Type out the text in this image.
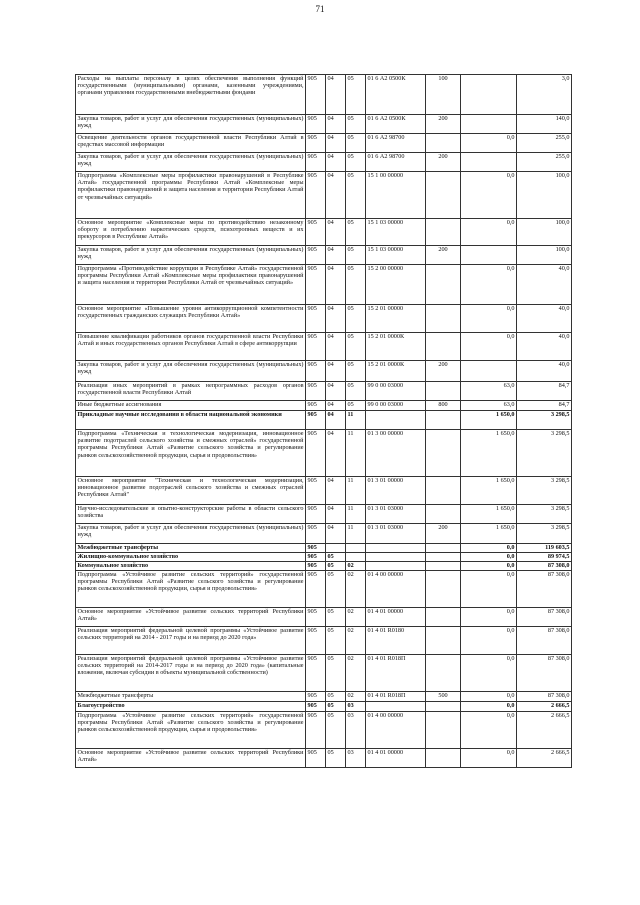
71
Расходы на выплаты персоналу в целях обеспечения выполнения функций государственными (муниципальными) органами, казенными учреждениями, органами управления государственными внебюджетными фондами	905	04	05	01 6 А2 0500К	100		3,0
Закупка товаров, работ и услуг для обеспечения государственных (муниципальных) нужд	905	04	05	01 6 А2 0500К	200		140,0
Освещение деятельности органов государственной власти Республики Алтай в средствах массовой информации	905	04	05	01 6 А2 98700		0,0	255,0
Закупка товаров, работ и услуг для обеспечения государственных (муниципальных) нужд	905	04	05	01 6 А2 98700	200		255,0
Подпрограмма «Комплексные меры профилактики правонарушений в Республике Алтай» государственной программы Республики Алтай «Комплексные меры профилактики правонарушений и защита населения и территории Республики Алтай от чрезвычайных ситуаций»	905	04	05	15 1 00 00000		0,0	100,0
Основное мероприятие «Комплексные меры по противодействию незаконному обороту и потреблению наркотических средств, психотропных веществ и их прекурсоров в Республике Алтай»	905	04	05	15 1 03 00000		0,0	100,0
Закупка товаров, работ и услуг для обеспечения государственных (муниципальных) нужд	905	04	05	15 1 03 00000	200		100,0
Подпрограмма «Противодействие коррупции в Республике Алтай» государственной программы Республики Алтай «Комплексные меры профилактики правонарушений и защита населения и территории Республики Алтай от чрезвычайных ситуаций»	905	04	05	15 2 00 00000		0,0	40,0
Основное мероприятие «Повышение уровня антикоррупционной компетентности государственных гражданских служащих Республики Алтай»	905	04	05	15 2 01 00000		0,0	40,0
Повышение квалификации работников органов государственной власти Республики Алтай и иных государственных органов Республики Алтай в сфере антикоррупции	905	04	05	15 2 01 0000К		0,0	40,0
Закупка товаров, работ и услуг для обеспечения государственных (муниципальных) нужд	905	04	05	15 2 01 0000К	200		40,0
Реализация иных мероприятий в рамках непрограммных расходов органов государственной власти Республики Алтай	905	04	05	99 0 00 03000		63,0	84,7
Иные бюджетные ассигнования	905	04	05	99 0 00 03000	800	63,0	84,7
Прикладные научные исследования в области национальной экономики	905	04	11			1 650,0	3 298,5
Подпрограмма «Техническая и технологическая модернизация, инновационное развитие подотраслей сельского хозяйства и смежных отраслей» государственной программы Республики Алтай «Развитие сельского хозяйства и регулирование рынков сельскохозяйственной продукции, сырья и продовольствия»	905	04	11	01 3 00 00000		1 650,0	3 298,5
Основное мероприятие "Техническая и технологическая модернизация, инновационное развитие подотраслей сельского хозяйства и смежных отраслей Республики Алтай"	905	04	11	01 3 01 00000		1 650,0	3 298,5
Научно-исследовательские и опытно-конструкторские работы в области сельского хозяйства	905	04	11	01 3 01 03000		1 650,0	3 298,5
Закупка товаров, работ и услуг для обеспечения государственных (муниципальных) нужд	905	04	11	01 3 01 03000	200	1 650,0	3 298,5
Межбюджетные трансферты	905					0,0	119 603,5
Жилищно-коммунальное хозяйство	905	05				0,0	89 974,5
Коммунальное хозяйство	905	05	02			0,0	87 308,0
Подпрограмма «Устойчивое развитие сельских территорий» государственной программы Республики Алтай «Развитие сельского хозяйства и регулирование рынков сельскохозяйственной продукции, сырья и продовольствия»	905	05	02	01 4 00 00000		0,0	87 308,0
Основное мероприятие «Устойчивое развитие сельских территорий Республики Алтай»	905	05	02	01 4 01 00000		0,0	87 308,0
Реализация мероприятий федеральной целевой программы «Устойчивое развитие сельских территорий на 2014 - 2017 годы и на период до 2020 года»	905	05	02	01 4 01 R0180		0,0	87 308,0
Реализация мероприятий федеральной целевой программы «Устойчивое развитие сельских территорий на 2014-2017 годы и на период до 2020 года» (капитальные вложения, включая субсидии в объекты муниципальной собственности)	905	05	02	01 4 01 R018П		0,0	87 308,0
Межбюджетные трансферты	905	05	02	01 4 01 R018П	500	0,0	87 308,0
Благоустройство	905	05	03			0,0	2 666,5
Подпрограмма «Устойчивое развитие сельских территорий» государственной программы Республики Алтай «Развитие сельского хозяйства и регулирование рынков сельскохозяйственной продукции, сырья и продовольствия»	905	05	03	01 4 00 00000		0,0	2 666,5
Основное мероприятие «Устойчивое развитие сельских территорий Республики Алтай»	905	05	03	01 4 01 00000		0,0	2 666,5
